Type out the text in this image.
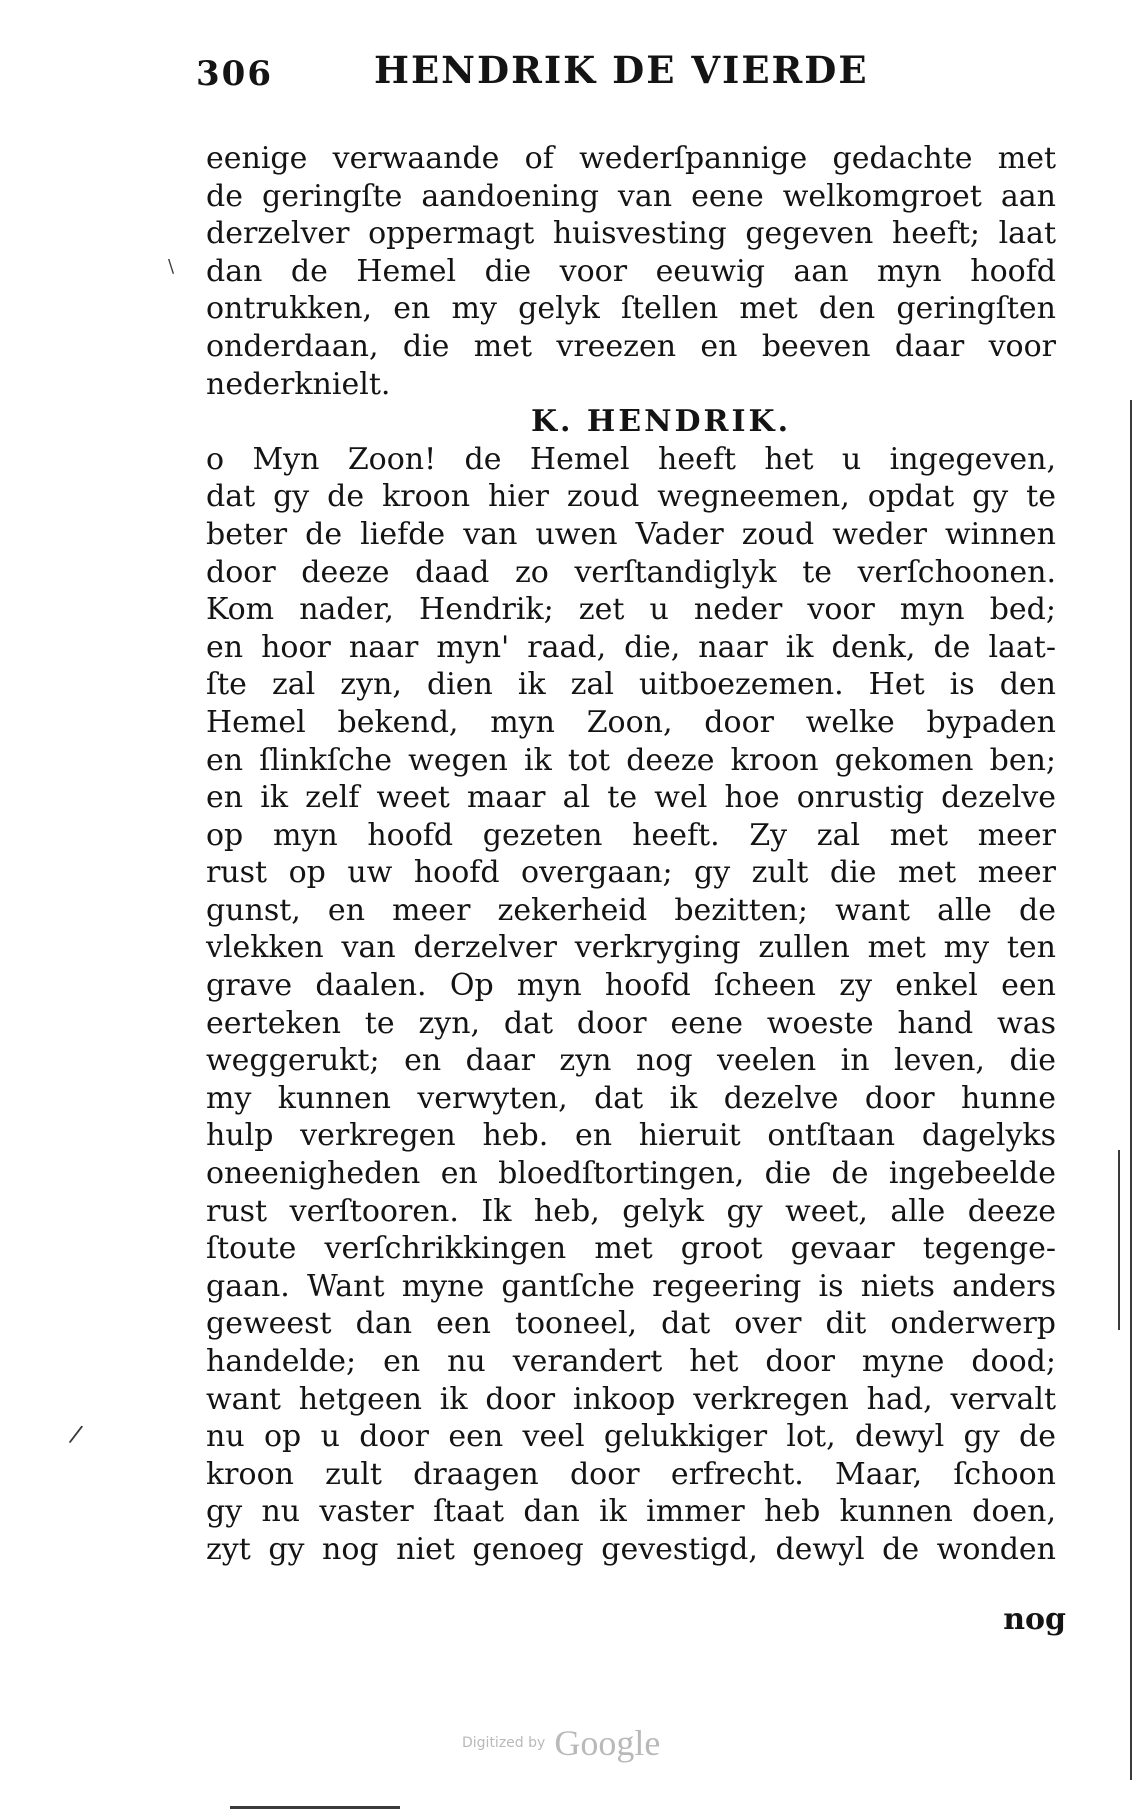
306	HENDRIK DE VIERDE
eenige verwaande of wederſpannige gedachte met
de geringſte aandoening van eene welkomgroet aan
derzelver oppermagt huisvesting gegeven heeft; laat
dan de Hemel die voor eeuwig aan myn hoofd
ontrukken, en my gelyk ſtellen met den geringſten
onderdaan, die met vreezen en beeven daar voor
nederknielt.
K. HENDRIK.
o Myn Zoon! de Hemel heeft het u ingegeven,
dat gy de kroon hier zoud wegneemen, opdat gy te
beter de liefde van uwen Vader zoud weder winnen
door deeze daad zo verſtandiglyk te verſchoonen.
Kom nader, Hendrik; zet u neder voor myn bed;
en hoor naar myn' raad, die, naar ik denk, de laat-
ſte zal zyn, dien ik zal uitboezemen. Het is den
Hemel bekend, myn Zoon, door welke bypaden
en ſlinkſche wegen ik tot deeze kroon gekomen ben;
en ik zelf weet maar al te wel hoe onrustig dezelve
op myn hoofd gezeten heeft. Zy zal met meer
rust op uw hoofd overgaan; gy zult die met meer
gunst, en meer zekerheid bezitten; want alle de
vlekken van derzelver verkryging zullen met my ten
grave daalen. Op myn hoofd ſcheen zy enkel een
eerteken te zyn, dat door eene woeste hand was
weggerukt; en daar zyn nog veelen in leven, die
my kunnen verwyten, dat ik dezelve door hunne
hulp verkregen heb. en hieruit ontſtaan dagelyks
oneenigheden en bloedſtortingen, die de ingebeelde
rust verſtooren. Ik heb, gelyk gy weet, alle deeze
ſtoute verſchrikkingen met groot gevaar tegenge-
gaan. Want myne gantſche regeering is niets anders
geweest dan een tooneel, dat over dit onderwerp
handelde; en nu verandert het door myne dood;
want hetgeen ik door inkoop verkregen had, vervalt
nu op u door een veel gelukkiger lot, dewyl gy de
kroon zult draagen door erfrecht. Maar, ſchoon
gy nu vaster ſtaat dan ik immer heb kunnen doen,
zyt gy nog niet genoeg gevestigd, dewyl de wonden
nog
Digitized by Google
/
\
